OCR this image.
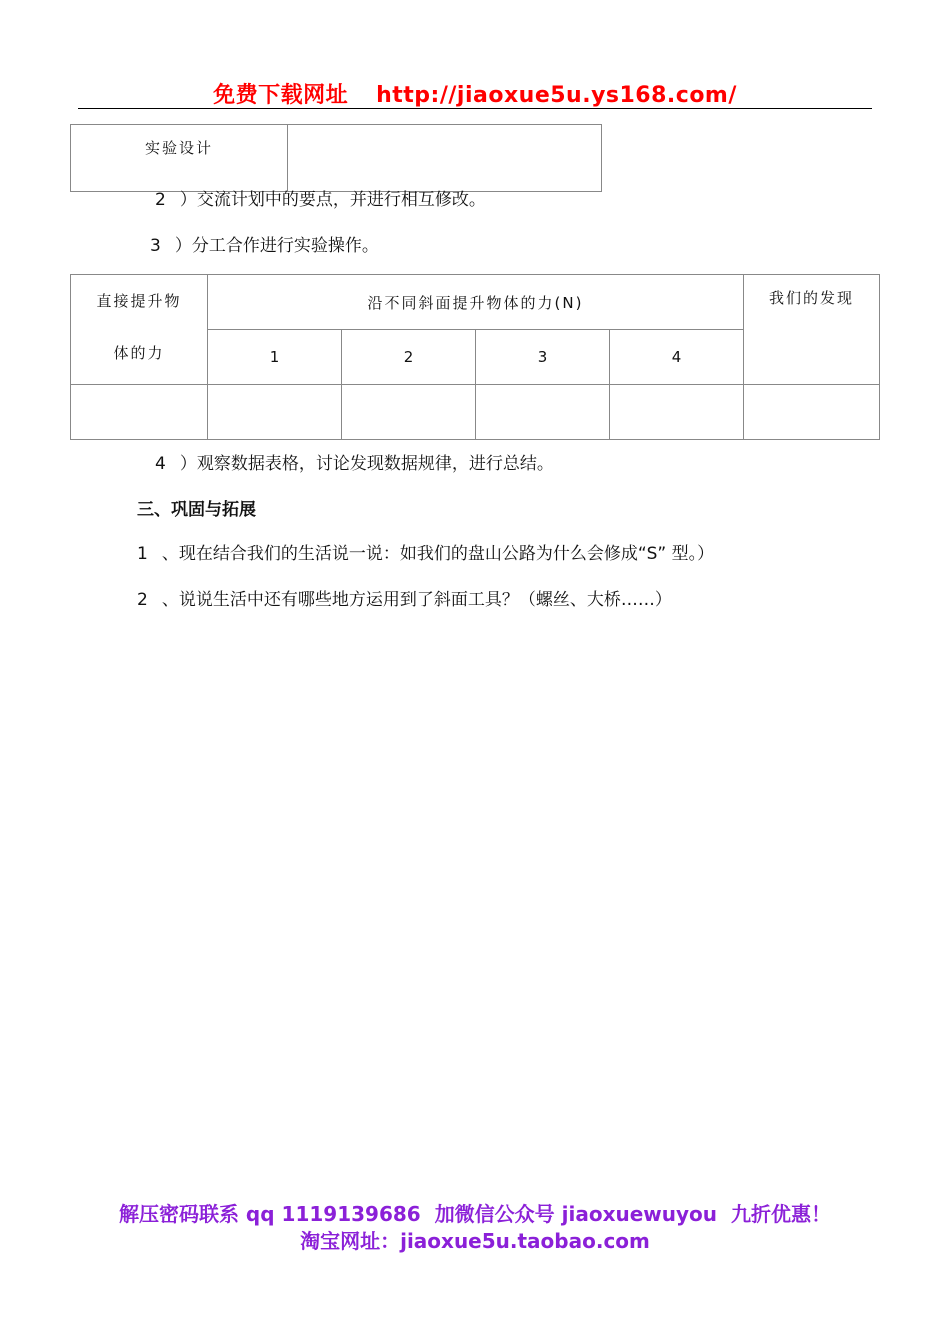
免费下载网址 http://jiaoxue5u.ys168.com/
实验设计	
2 ）交流计划中的要点，并进行相互修改。
3 ）分工合作进行实验操作。
直接提升物
体的力	沿不同斜面提升物体的力(N)				我们的发现
	1	2	3	4	

4 ）观察数据表格，讨论发现数据规律，进行总结。
三、巩固与拓展
1 、现在结合我们的生活说一说：如我们的盘山公路为什么会修成“S” 型。）
2 、说说生活中还有哪些地方运用到了斜面工具？（螺丝、大桥……）
解压密码联系 qq 1119139686 加微信公众号 jiaoxuewuyou 九折优惠！
淘宝网址：jiaoxue5u.taobao.com
